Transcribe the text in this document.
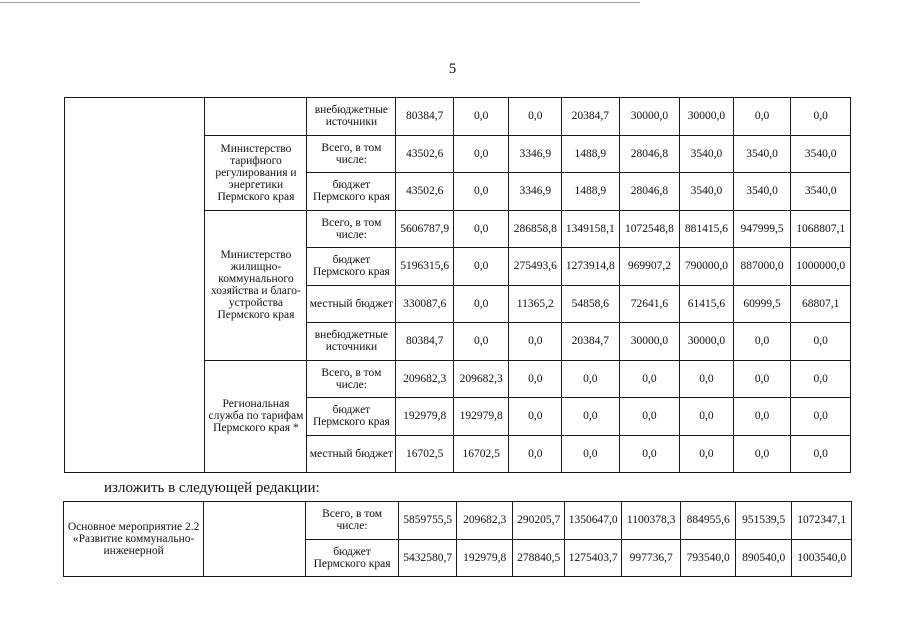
5
		внебюджетные источники	80384,7	0,0	0,0	20384,7	30000,0	30000,0	0,0	0,0
	Министерство тарифного регулирования и энергетики Пермского края	Всего, в том числе:	43502,6	0,0	3346,9	1488,9	28046,8	3540,0	3540,0	3540,0
		бюджет Пермского края	43502,6	0,0	3346,9	1488,9	28046,8	3540,0	3540,0	3540,0
	Министерство жилищно-коммунального хозяйства и благо-устройства Пермского края	Всего, в том числе:	5606787,9	0,0	286858,8	1349158,1	1072548,8	881415,6	947999,5	1068807,1
		бюджет Пермского края	5196315,6	0,0	275493,6	1273914,8	969907,2	790000,0	887000,0	1000000,0
		местный бюджет	330087,6	0,0	11365,2	54858,6	72641,6	61415,6	60999,5	68807,1
		внебюджетные источники	80384,7	0,0	0,0	20384,7	30000,0	30000,0	0,0	0,0
	Региональная служба по тарифам Пермского края *	Всего, в том числе:	209682,3	209682,3	0,0	0,0	0,0	0,0	0,0	0,0
		бюджет Пермского края	192979,8	192979,8	0,0	0,0	0,0	0,0	0,0	0,0
		местный бюджет	16702,5	16702,5	0,0	0,0	0,0	0,0	0,0	0,0
изложить в следующей редакции:
Основное мероприятие 2.2 «Развитие коммунально-инженерной		Всего, в том числе:	5859755,5	209682,3	290205,7	1350647,0	1100378,3	884955,6	951539,5	1072347,1
		бюджет Пермского края	5432580,7	192979,8	278840,5	1275403,7	997736,7	793540,0	890540,0	1003540,0
